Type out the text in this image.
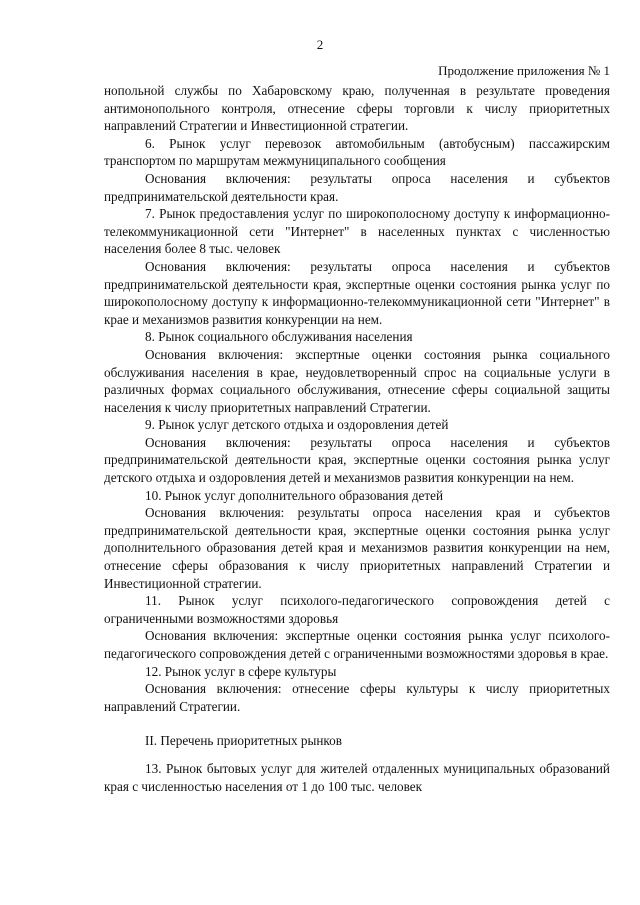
2
Продолжение приложения № 1

нопольной службы по Хабаровскому краю, полученная в результате проведения антимонопольного контроля, отнесение сферы торговли к числу приоритетных направлений Стратегии и Инвестиционной стратегии.

6. Рынок услуг перевозок автомобильным (автобусным) пассажирским транспортом по маршрутам межмуниципального сообщения

Основания включения: результаты опроса населения и субъектов предпринимательской деятельности края.

7. Рынок предоставления услуг по широкополосному доступу к информационно-телекоммуникационной сети "Интернет" в населенных пунктах с численностью населения более 8 тыс. человек

Основания включения: результаты опроса населения и субъектов предпринимательской деятельности края, экспертные оценки состояния рынка услуг по широкополосному доступу к информационно-телекоммуникационной сети "Интернет" в крае и механизмов развития конкуренции на нем.

8. Рынок социального обслуживания населения

Основания включения: экспертные оценки состояния рынка социального обслуживания населения в крае, неудовлетворенный спрос на социальные услуги в различных формах социального обслуживания, отнесение сферы социальной защиты населения к числу приоритетных направлений Стратегии.

9. Рынок услуг детского отдыха и оздоровления детей

Основания включения: результаты опроса населения и субъектов предпринимательской деятельности края, экспертные оценки состояния рынка услуг детского отдыха и оздоровления детей и механизмов развития конкуренции на нем.

10. Рынок услуг дополнительного образования детей

Основания включения: результаты опроса населения края и субъектов предпринимательской деятельности края, экспертные оценки состояния рынка услуг дополнительного образования детей края и механизмов развития конкуренции на нем, отнесение сферы образования к числу приоритетных направлений Стратегии и Инвестиционной стратегии.

11. Рынок услуг психолого-педагогического сопровождения детей с ограниченными возможностями здоровья

Основания включения: экспертные оценки состояния рынка услуг психолого-педагогического сопровождения детей с ограниченными возможностями здоровья в крае.

12. Рынок услуг в сфере культуры

Основания включения: отнесение сферы культуры к числу приоритетных направлений Стратегии.

II. Перечень приоритетных рынков

13. Рынок бытовых услуг для жителей отдаленных муниципальных образований края с численностью населения от 1 до 100 тыс. человек
